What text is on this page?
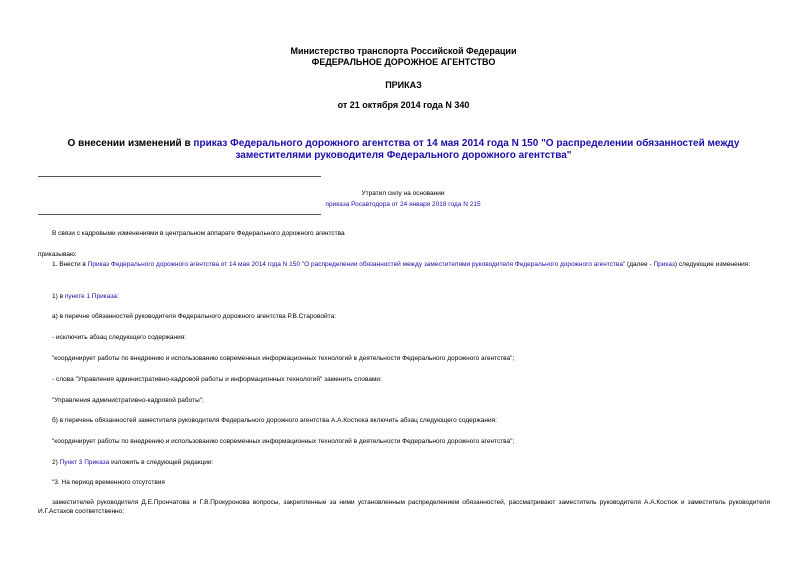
Министерство транспорта Российской Федерации
ФЕДЕРАЛЬНОЕ ДОРОЖНОЕ АГЕНТСТВО
ПРИКАЗ
от 21 октября 2014 года N 340
О внесении изменений в приказ Федерального дорожного агентства от 14 мая 2014 года N 150 "О распределении обязанностей между заместителями руководителя Федерального дорожного агентства"
Утратил силу на основании
приказа Росавтодора от 24 января 2018 года N 215
В связи с кадровыми изменениями в центральном аппарате Федерального дорожного агентства
приказываю:
1. Внести в Приказ Федерального дорожного агентства от 14 мая 2014 года N 150 "О распределении обязанностей между заместителями руководителя Федерального дорожного агентства" (далее - Приказ) следующие изменения:
1) в пункте 1 Приказа:
а) в перечне обязанностей руководителя Федерального дорожного агентства Р.В.Старовойта:
- исключить абзац следующего содержания:
"координирует работы по внедрению и использованию современных информационных технологий в деятельности Федерального дорожного агентства";
- слова "Управления административно-кадровой работы и информационных технологий" заменить словами:
"Управления административно-кадровой работы";
б) в перечень обязанностей заместителя руководителя Федерального дорожного агентства А.А.Костюка включить абзац следующего содержания:
"координирует работы по внедрению и использованию современных информационных технологий в деятельности Федерального дорожного агентства";
2) Пункт 3 Приказа изложить в следующей редакции:
"3. На период временного отсутствия
заместителей руководителя Д.Е.Прончатова и Г.В.Прокуронова вопросы, закрепленные за ними установленным распределением обязанностей, рассматривают заместитель руководителя А.А.Костюк и заместитель руководителя И.Г.Астахов соответственно;
